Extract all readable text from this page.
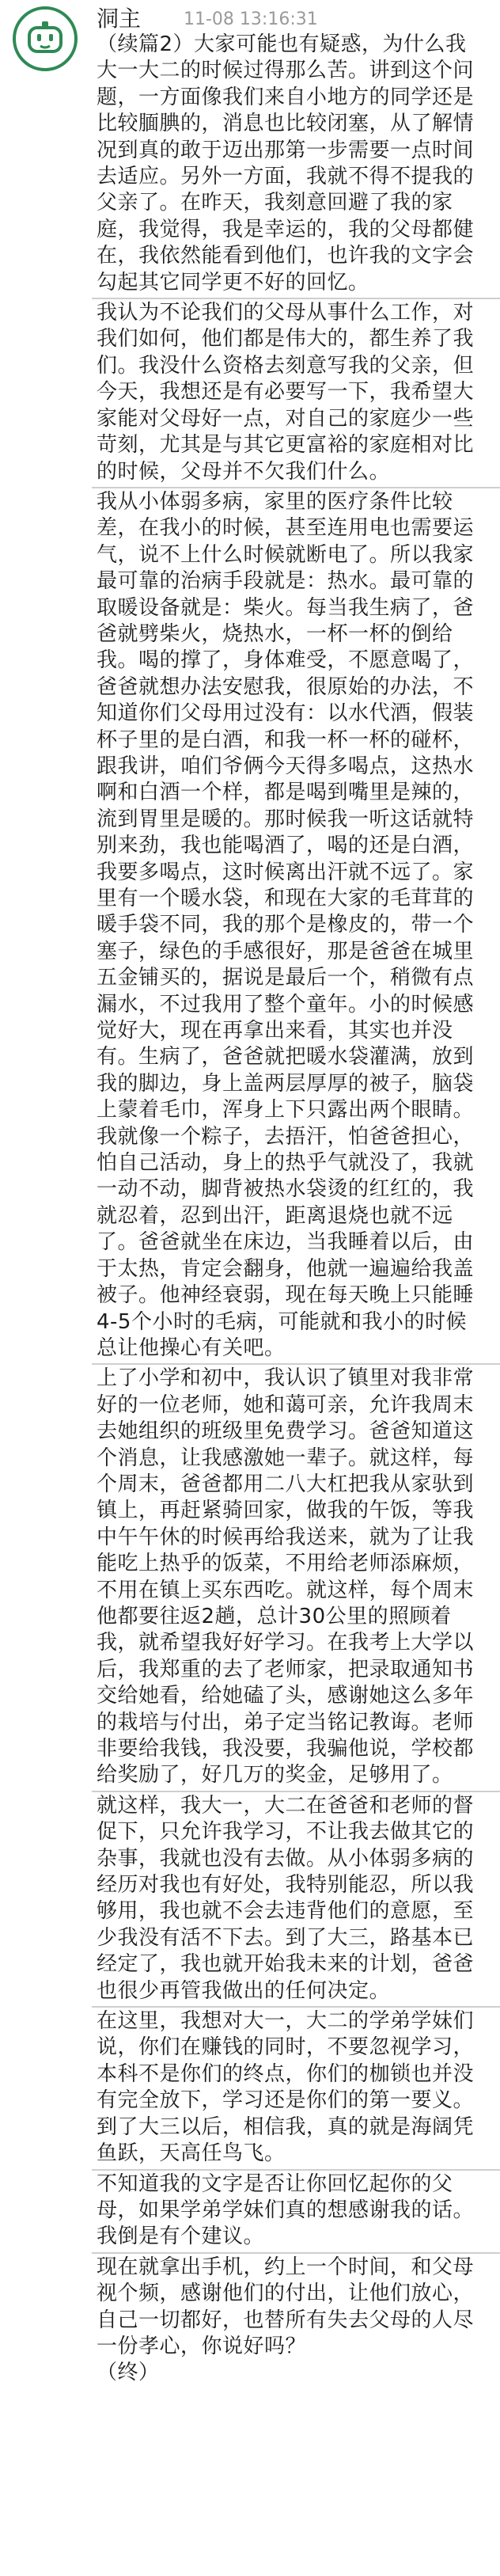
洞主 11-08 13:16:31

（续篇2）大家可能也有疑惑，为什么我大一大二的时候过得那么苦。讲到这个问题，一方面像我们来自小地方的同学还是比较腼腆的，消息也比较闭塞，从了解情况到真的敢于迈出那第一步需要一点时间去适应。另外一方面，我就不得不提我的父亲了。在昨天，我刻意回避了我的家庭，我觉得，我是幸运的，我的父母都健在，我依然能看到他们，也许我的文字会勾起其它同学更不好的回忆。

我认为不论我们的父母从事什么工作，对我们如何，他们都是伟大的，都生养了我们。我没什么资格去刻意写我的父亲，但今天，我想还是有必要写一下，我希望大家能对父母好一点，对自己的家庭少一些苛刻，尤其是与其它更富裕的家庭相对比的时候，父母并不欠我们什么。

我从小体弱多病，家里的医疗条件比较差，在我小的时候，甚至连用电也需要运气，说不上什么时候就断电了。所以我家最可靠的治病手段就是：热水。最可靠的取暖设备就是：柴火。每当我生病了，爸爸就劈柴火，烧热水，一杯一杯的倒给我。喝的撑了，身体难受，不愿意喝了，爸爸就想办法安慰我，很原始的办法，不知道你们父母用过没有：以水代酒，假装杯子里的是白酒，和我一杯一杯的碰杯，跟我讲，咱们爷俩今天得多喝点，这热水啊和白酒一个样，都是喝到嘴里是辣的，流到胃里是暖的。那时候我一听这话就特别来劲，我也能喝酒了，喝的还是白酒，我要多喝点，这时候离出汗就不远了。家里有一个暖水袋，和现在大家的毛茸茸的暖手袋不同，我的那个是橡皮的，带一个塞子，绿色的手感很好，那是爸爸在城里五金铺买的，据说是最后一个，稍微有点漏水，不过我用了整个童年。小的时候感觉好大，现在再拿出来看，其实也并没有。生病了，爸爸就把暖水袋灌满，放到我的脚边，身上盖两层厚厚的被子，脑袋上蒙着毛巾，浑身上下只露出两个眼睛。我就像一个粽子，去捂汗，怕爸爸担心，怕自己活动，身上的热乎气就没了，我就一动不动，脚背被热水袋烫的红红的，我就忍着，忍到出汗，距离退烧也就不远了。爸爸就坐在床边，当我睡着以后，由于太热，肯定会翻身，他就一遍遍给我盖被子。他神经衰弱，现在每天晚上只能睡4-5个小时的毛病，可能就和我小的时候总让他操心有关吧。

上了小学和初中，我认识了镇里对我非常好的一位老师，她和蔼可亲，允许我周末去她组织的班级里免费学习。爸爸知道这个消息，让我感激她一辈子。就这样，每个周末，爸爸都用二八大杠把我从家驮到镇上，再赶紧骑回家，做我的午饭，等我中午午休的时候再给我送来，就为了让我能吃上热乎的饭菜，不用给老师添麻烦，不用在镇上买东西吃。就这样，每个周末他都要往返2趟，总计30公里的照顾着我，就希望我好好学习。在我考上大学以后，我郑重的去了老师家，把录取通知书交给她看，给她磕了头，感谢她这么多年的栽培与付出，弟子定当铭记教诲。老师非要给我钱，我没要，我骗他说，学校都给奖励了，好几万的奖金，足够用了。

就这样，我大一，大二在爸爸和老师的督促下，只允许我学习，不让我去做其它的杂事，我就也没有去做。从小体弱多病的经历对我也有好处，我特别能忍，所以我够用，我也就不会去违背他们的意愿，至少我没有活不下去。到了大三，路基本已经定了，我也就开始我未来的计划，爸爸也很少再管我做出的任何决定。

在这里，我想对大一，大二的学弟学妹们说，你们在赚钱的同时，不要忽视学习，本科不是你们的终点，你们的枷锁也并没有完全放下，学习还是你们的第一要义。到了大三以后，相信我，真的就是海阔凭鱼跃，天高任鸟飞。

不知道我的文字是否让你回忆起你的父母，如果学弟学妹们真的想感谢我的话。我倒是有个建议。

现在就拿出手机，约上一个时间，和父母视个频，感谢他们的付出，让他们放心，自己一切都好，也替所有失去父母的人尽一份孝心，你说好吗？

（终）
